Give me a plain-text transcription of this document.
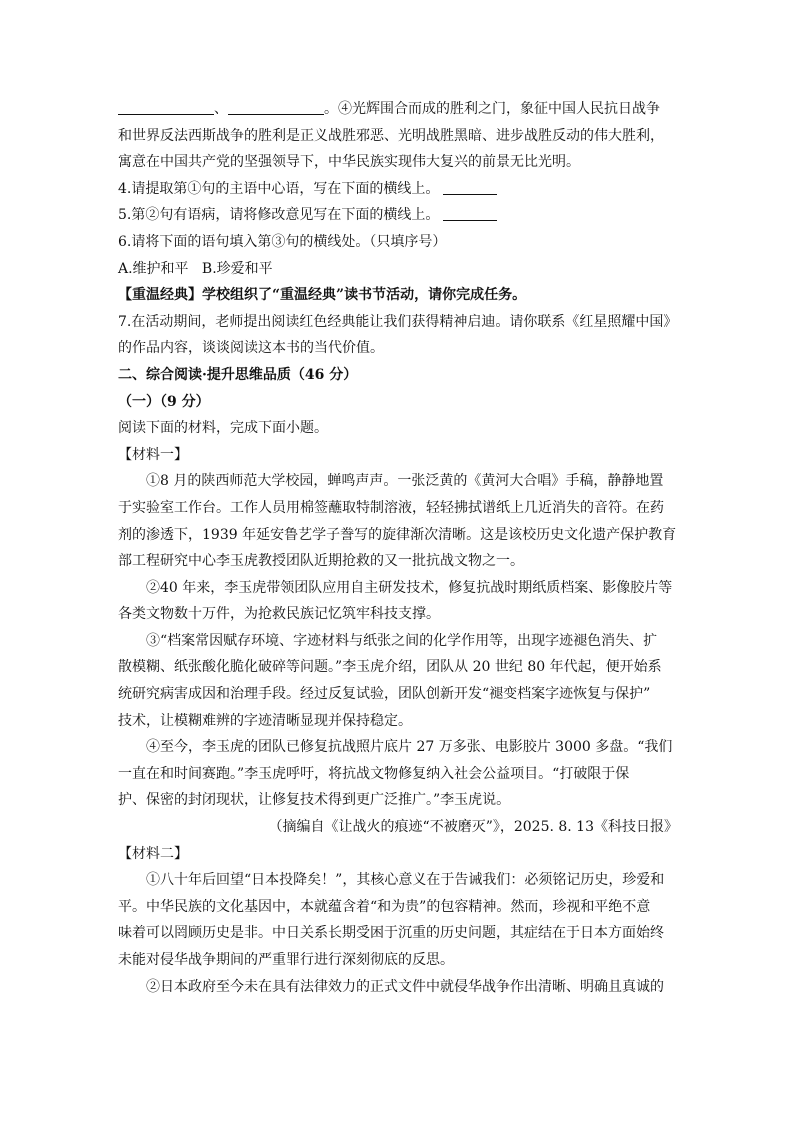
、	。④光辉围合而成的胜利之门，象征中国人民抗日战争
和世界反法西斯战争的胜利是正义战胜邪恶、光明战胜黑暗、进步战胜反动的伟大胜利，
寓意在中国共产党的坚强领导下，中华民族实现伟大复兴的前景无比光明。
4.请提取第①句的主语中心语，写在下面的横线上。
5.第②句有语病，请将修改意见写在下面的横线上。
6.请将下面的语句填入第③句的横线处。（只填序号）
A.维护和平   B.珍爱和平
【重温经典】学校组织了“重温经典”读书节活动，请你完成任务。
7.在活动期间，老师提出阅读红色经典能让我们获得精神启迪。请你联系《红星照耀中国》
的作品内容，谈谈阅读这本书的当代价值。
二、综合阅读·提升思维品质（46 分）
（一）（9 分）
阅读下面的材料，完成下面小题。
【材料一】
①8 月的陕西师范大学校园，蝉鸣声声。一张泛黄的《黄河大合唱》手稿，静静地置
于实验室工作台。工作人员用棉签蘸取特制溶液，轻轻拂拭谱纸上几近消失的音符。在药
剂的渗透下，1939 年延安鲁艺学子誊写的旋律渐次清晰。这是该校历史文化遗产保护教育
部工程研究中心李玉虎教授团队近期抢救的又一批抗战文物之一。
②40 年来，李玉虎带领团队应用自主研发技术，修复抗战时期纸质档案、影像胶片等
各类文物数十万件，为抢救民族记忆筑牢科技支撑。
③“档案常因赋存环境、字迹材料与纸张之间的化学作用等，出现字迹褪色消失、扩
散模糊、纸张酸化脆化破碎等问题。”李玉虎介绍，团队从 20 世纪 80 年代起，便开始系
统研究病害成因和治理手段。经过反复试验，团队创新开发“褪变档案字迹恢复与保护”
技术，让模糊难辨的字迹清晰显现并保持稳定。
④至今，李玉虎的团队已修复抗战照片底片 27 万多张、电影胶片 3000 多盘。“我们
一直在和时间赛跑。”李玉虎呼吁，将抗战文物修复纳入社会公益项目。“打破限于保
护、保密的封闭现状，让修复技术得到更广泛推广。”李玉虎说。
（摘编自《让战火的痕迹“不被磨灭”》，2025. 8. 13《科技日报》
【材料二】
①八十年后回望“日本投降矣！”，其核心意义在于告诫我们：必须铭记历史，珍爱和
平。中华民族的文化基因中，本就蕴含着“和为贵”的包容精神。然而，珍视和平绝不意
味着可以罔顾历史是非。中日关系长期受困于沉重的历史问题，其症结在于日本方面始终
未能对侵华战争期间的严重罪行进行深刻彻底的反思。
②日本政府至今未在具有法律效力的正式文件中就侵华战争作出清晰、明确且真诚的
